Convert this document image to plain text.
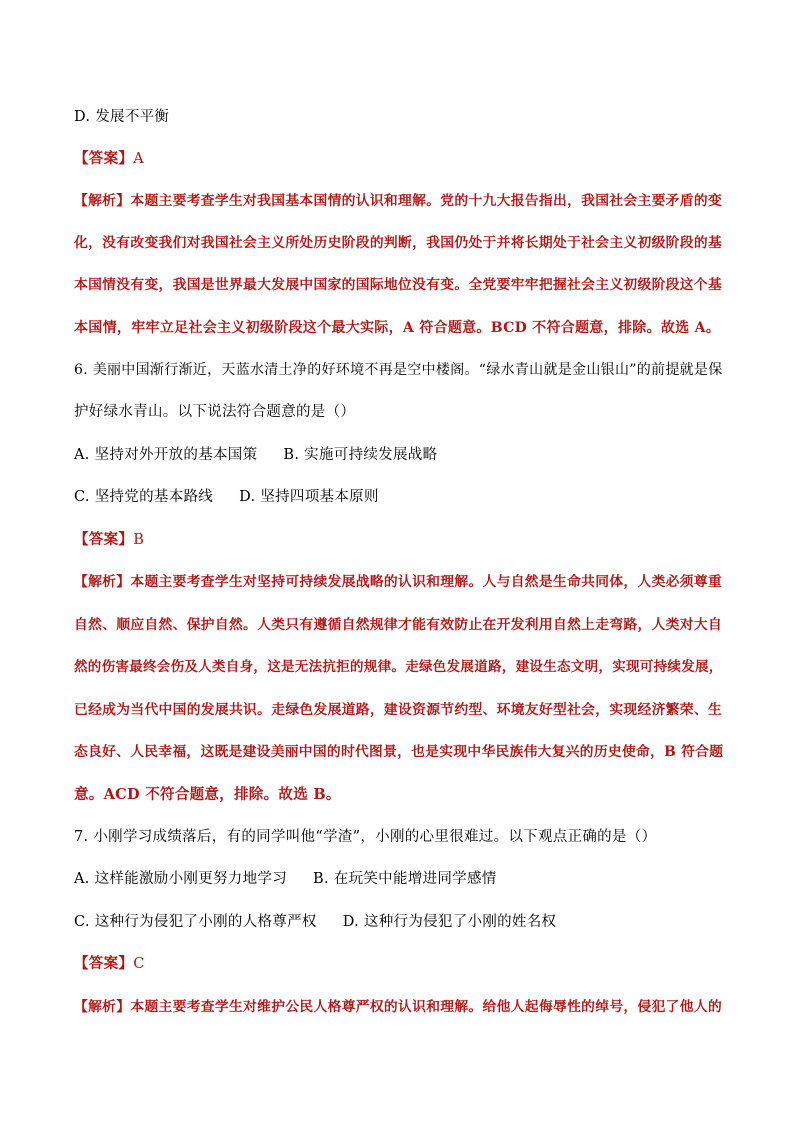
D. 发展不平衡
【答案】A
【解析】本题主要考查学生对我国基本国情的认识和理解。党的十九大报告指出，我国社会主要矛盾的变
化，没有改变我们对我国社会主义所处历史阶段的判断，我国仍处于并将长期处于社会主义初级阶段的基
本国情没有变，我国是世界最大发展中国家的国际地位没有变。全党要牢牢把握社会主义初级阶段这个基
本国情，牢牢立足社会主义初级阶段这个最大实际，A 符合题意。BCD 不符合题意，排除。故选 A。
6. 美丽中国渐行渐近，天蓝水清土净的好环境不再是空中楼阁。“绿水青山就是金山银山”的前提就是保
护好绿水青山。以下说法符合题意的是（）
A. 坚持对外开放的基本国策 B. 实施可持续发展战略
C. 坚持党的基本路线 D. 坚持四项基本原则
【答案】B
【解析】本题主要考查学生对坚持可持续发展战略的认识和理解。人与自然是生命共同体，人类必须尊重
自然、顺应自然、保护自然。人类只有遵循自然规律才能有效防止在开发利用自然上走弯路，人类对大自
然的伤害最终会伤及人类自身，这是无法抗拒的规律。走绿色发展道路，建设生态文明，实现可持续发展，
已经成为当代中国的发展共识。走绿色发展道路，建设资源节约型、环境友好型社会，实现经济繁荣、生
态良好、人民幸福，这既是建设美丽中国的时代图景，也是实现中华民族伟大复兴的历史使命，B 符合题
意。ACD 不符合题意，排除。故选 B。
7. 小刚学习成绩落后，有的同学叫他“学渣”，小刚的心里很难过。以下观点正确的是（）
A. 这样能激励小刚更努力地学习 B. 在玩笑中能增进同学感情
C. 这种行为侵犯了小刚的人格尊严权 D. 这种行为侵犯了小刚的姓名权
【答案】C
【解析】本题主要考查学生对维护公民人格尊严权的认识和理解。给他人起侮辱性的绰号，侵犯了他人的
